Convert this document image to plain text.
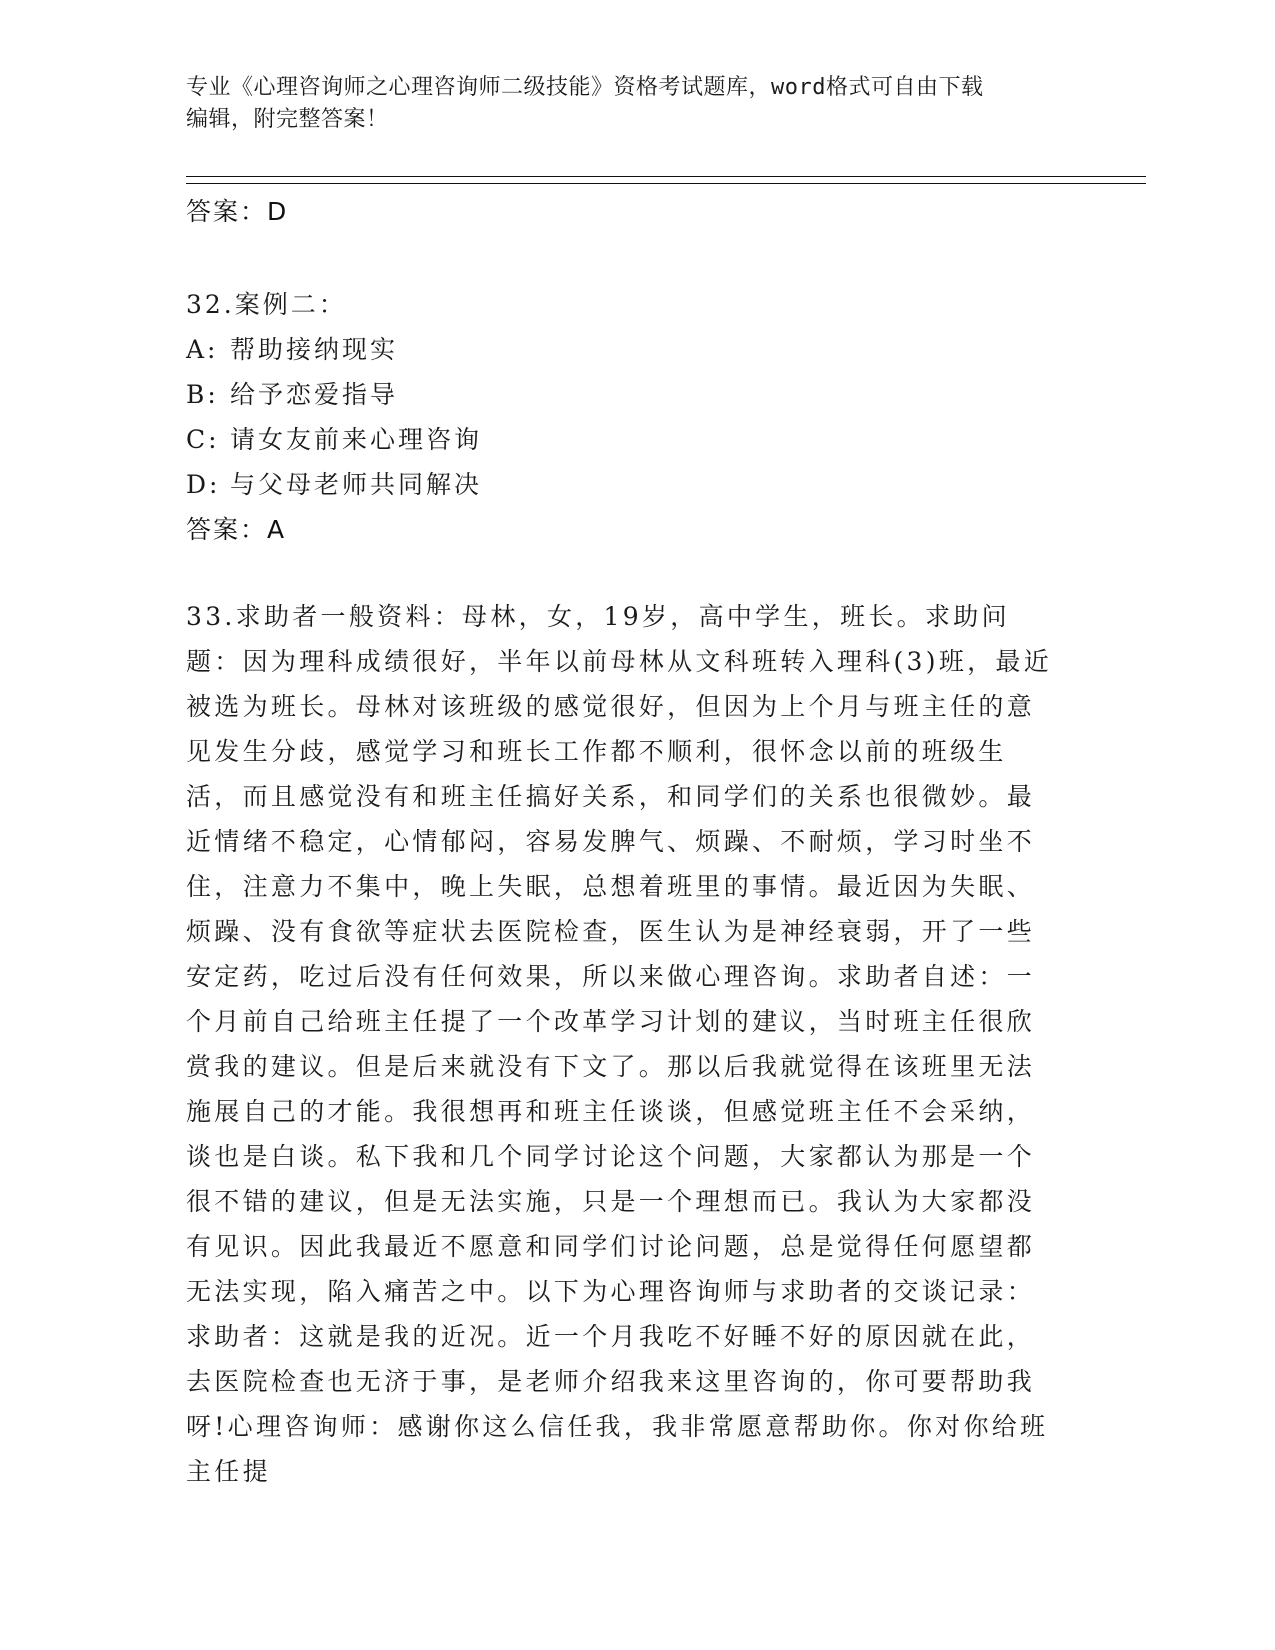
专业《心理咨询师之心理咨询师二级技能》资格考试题库，word格式可自由下载
编辑，附完整答案！
答案：D
32.案例二：
A: 帮助接纳现实
B: 给予恋爱指导
C: 请女友前来心理咨询
D: 与父母老师共同解决
答案：A
33.求助者一般资料：母林，女，19岁，高中学生，班长。求助问题：因为理科成绩很好，半年以前母林从文科班转入理科(3)班，最近被选为班长。母林对该班级的感觉很好，但因为上个月与班主任的意见发生分歧，感觉学习和班长工作都不顺利，很怀念以前的班级生活，而且感觉没有和班主任搞好关系，和同学们的关系也很微妙。最近情绪不稳定，心情郁闷，容易发脾气、烦躁、不耐烦，学习时坐不住，注意力不集中，晚上失眠，总想着班里的事情。最近因为失眠、烦躁、没有食欲等症状去医院检查，医生认为是神经衰弱，开了一些安定药，吃过后没有任何效果，所以来做心理咨询。求助者自述：一个月前自己给班主任提了一个改革学习计划的建议，当时班主任很欣赏我的建议。但是后来就没有下文了。那以后我就觉得在该班里无法施展自己的才能。我很想再和班主任谈谈，但感觉班主任不会采纳，谈也是白谈。私下我和几个同学讨论这个问题，大家都认为那是一个很不错的建议，但是无法实施，只是一个理想而已。我认为大家都没有见识。因此我最近不愿意和同学们讨论问题，总是觉得任何愿望都无法实现，陷入痛苦之中。以下为心理咨询师与求助者的交谈记录：求助者：这就是我的近况。近一个月我吃不好睡不好的原因就在此，去医院检查也无济于事，是老师介绍我来这里咨询的，你可要帮助我呀!心理咨询师：感谢你这么信任我，我非常愿意帮助你。你对你给班主任提
